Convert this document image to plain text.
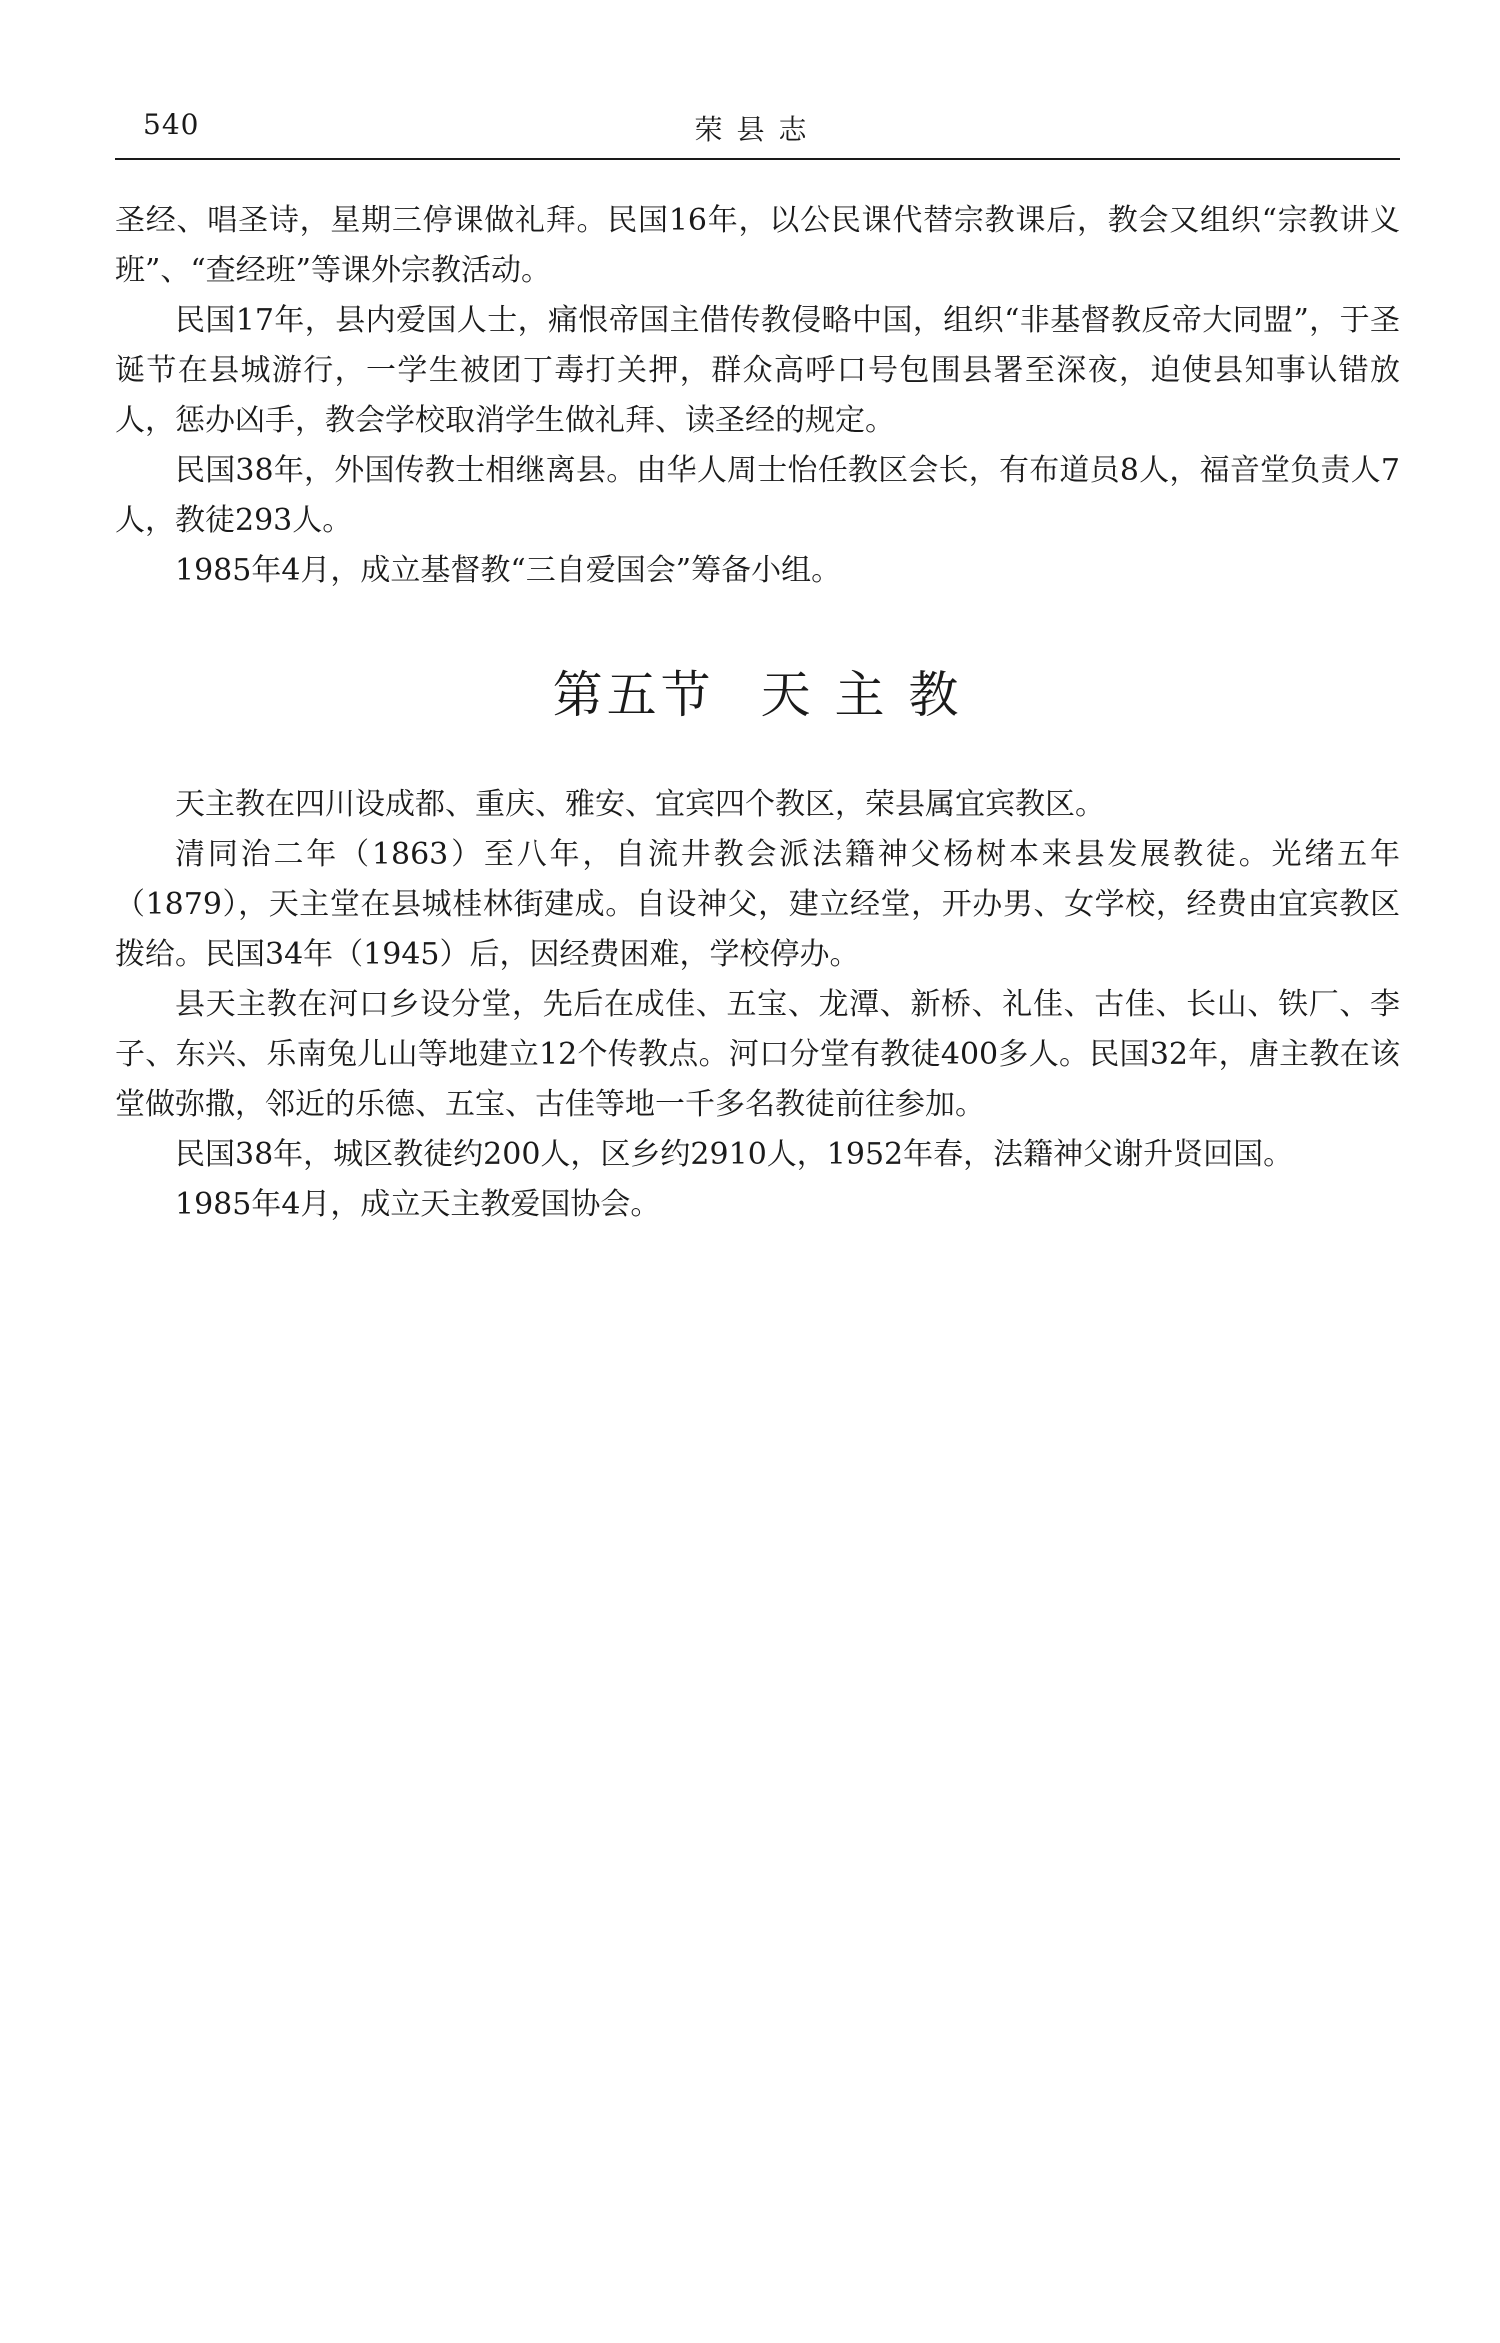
540	荣县志

圣经、唱圣诗，星期三停课做礼拜。民国16年，以公民课代替宗教课后，教会又组织“宗教讲义班”、“查经班”等课外宗教活动。

民国17年，县内爱国人士，痛恨帝国主借传教侵略中国，组织“非基督教反帝大同盟”，于圣诞节在县城游行，一学生被团丁毒打关押，群众高呼口号包围县署至深夜，迫使县知事认错放人，惩办凶手，教会学校取消学生做礼拜、读圣经的规定。

民国38年，外国传教士相继离县。由华人周士怡任教区会长，有布道员8人，福音堂负责人7人，教徒293人。

1985年4月，成立基督教“三自爱国会”筹备小组。

第五节 天 主 教

天主教在四川设成都、重庆、雅安、宜宾四个教区，荣县属宜宾教区。

清同治二年（1863）至八年，自流井教会派法籍神父杨树本来县发展教徒。光绪五年（1879），天主堂在县城桂林街建成。自设神父，建立经堂，开办男、女学校，经费由宜宾教区拨给。民国34年（1945）后，因经费困难，学校停办。

县天主教在河口乡设分堂，先后在成佳、五宝、龙潭、新桥、礼佳、古佳、长山、铁厂、李子、东兴、乐南兔儿山等地建立12个传教点。河口分堂有教徒400多人。民国32年，唐主教在该堂做弥撒，邻近的乐德、五宝、古佳等地一千多名教徒前往参加。

民国38年，城区教徒约200人，区乡约2910人，1952年春，法籍神父谢升贤回国。

1985年4月，成立天主教爱国协会。
